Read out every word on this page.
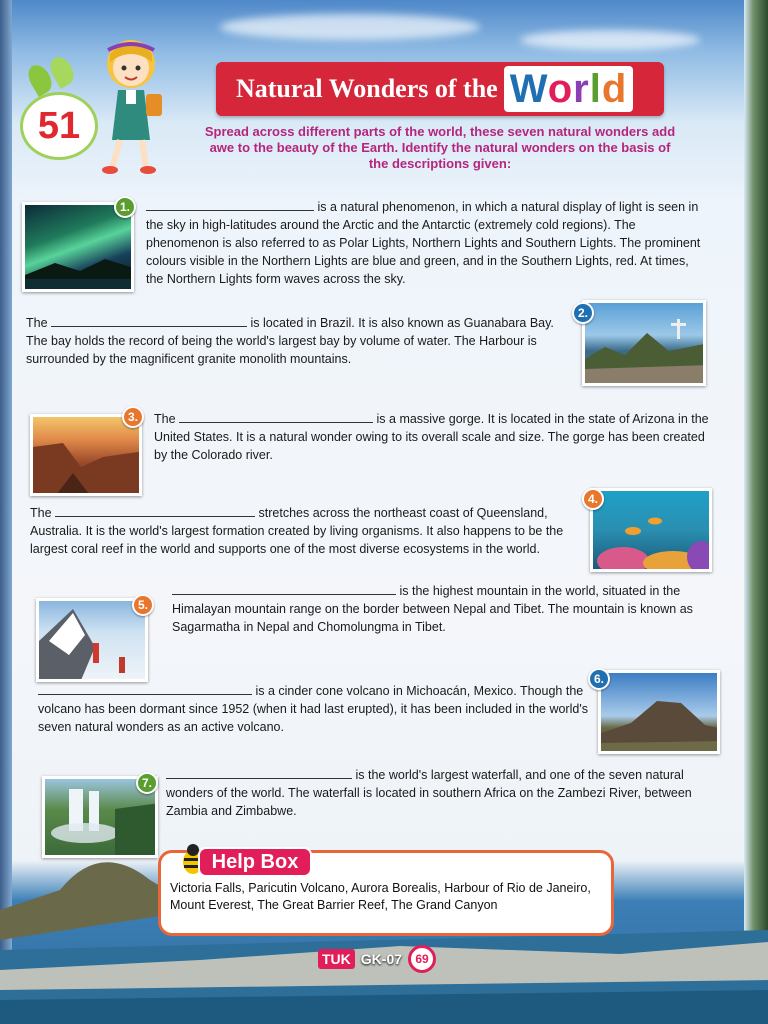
51
Natural Wonders of the World
Spread across different parts of the world, these seven natural wonders add awe to the beauty of the Earth. Identify the natural wonders on the basis of the descriptions given:
1.	is a natural phenomenon, in which a natural display of light is seen in the sky in high-latitudes around the Arctic and the Antarctic (extremely cold regions). The phenomenon is also referred to as Polar Lights, Northern Lights and Southern Lights. The prominent colours visible in the Northern Lights are blue and green, and in the Southern Lights, red. At times, the Northern Lights form waves across the sky.
The	is located in Brazil. It is also known as Guanabara Bay. The bay holds the record of being the world's largest bay by volume of water. The Harbour is surrounded by the magnificent granite monolith mountains.
2.
3. The	is a massive gorge. It is located in the state of Arizona in the United States. It is a natural wonder owing to its overall scale and size. The gorge has been created by the Colorado river.
The	stretches across the northeast coast of Queensland, Australia. It is the world's largest formation created by living organisms. It also happens to be the largest coral reef in the world and supports one of the most diverse ecosystems in the world.
4.
5.
is the highest mountain in the world, situated in the Himalayan mountain range on the border between Nepal and Tibet. The mountain is known as Sagarmatha in Nepal and Chomolungma in Tibet.
is a cinder cone volcano in Michoacán, Mexico. Though the volcano has been dormant since 1952 (when it had last erupted), it has been included in the world's seven natural wonders as an active volcano.
6.
7.
is the world's largest waterfall, and one of the seven natural wonders of the world. The waterfall is located in southern Africa on the Zambezi River, between Zambia and Zimbabwe.
Help Box
Victoria Falls, Paricutin Volcano, Aurora Borealis, Harbour of Rio de Janeiro, Mount Everest, The Great Barrier Reef, The Grand Canyon
TUK GK-07	69
